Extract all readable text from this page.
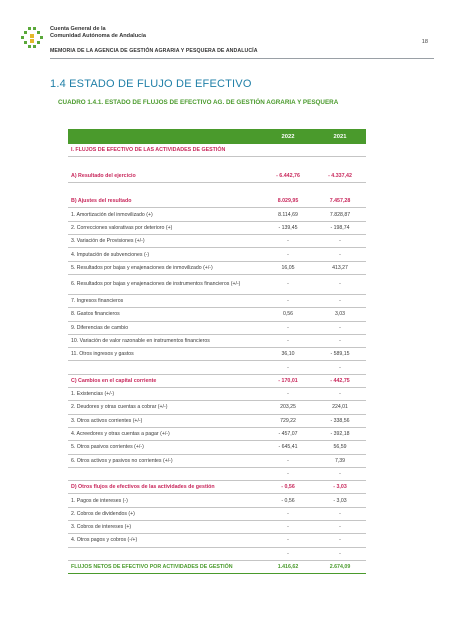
Cuenta General de la
Comunidad Autónoma de Andalucía
18
MEMORIA DE LA AGENCIA DE GESTIÓN AGRARIA Y PESQUERA DE ANDALUCÍA
1.4 ESTADO DE FLUJO DE EFECTIVO
CUADRO 1.4.1. ESTADO DE FLUJOS DE EFECTIVO AG. DE GESTIÓN AGRARIA Y PESQUERA
	2022	2021
I. FLUJOS DE EFECTIVO DE LAS ACTIVIDADES DE GESTIÓN		

A) Resultado del ejercicio	- 6.442,76	- 4.337,42

B) Ajustes del resultado	8.029,95	7.457,28
1. Amortización del inmovilizado (+)	8.114,69	7.828,87
2. Correcciones valorativas por deterioro (+)	- 139,45	- 198,74
3. Variación de Provisiones (+/-)	-	-
4. Imputación de subvenciones (-)	-	-
5. Resultados por bajas y enajenaciones de inmovilizado (+/-)	16,05	413,27
6. Resultados por bajas y enajenaciones de instrumentos financieros (+/-)	-	-
7. Ingresos financieros	-	-
8. Gastos financieros	0,56	3,03
9. Diferencias de cambio	-	-
10. Variación de valor razonable en instrumentos financieros	-	-
11. Otros ingresos y gastos	36,10	- 589,15
	-	-
C) Cambios en el capital corriente	- 170,01	- 442,75
1. Existencias (+/-)	-	-
2. Deudores y otras cuentas a cobrar (+/-)	203,25	224,01
3. Otros activos corrientes (+/-)	729,22	- 338,56
4. Acreedores y otras cuentas a pagar (+/-)	- 457,07	- 392,18
5. Otros pasivos corrientes (+/-)	- 645,41	56,59
6. Otros activos y pasivos no corrientes (+/-)	-	7,39
	-	-
D) Otros flujos de efectivos de las actividades de gestión	- 0,56	- 3,03
1. Pagos de intereses (-)	- 0,56	- 3,03
2. Cobros de dividendos (+)	-	-
3. Cobros de intereses (+)	-	-
4. Otros pagos y cobros (-/+)	-	-
	-	-
FLUJOS NETOS DE EFECTIVO POR ACTIVIDADES DE GESTIÓN	1.416,62	2.674,09
